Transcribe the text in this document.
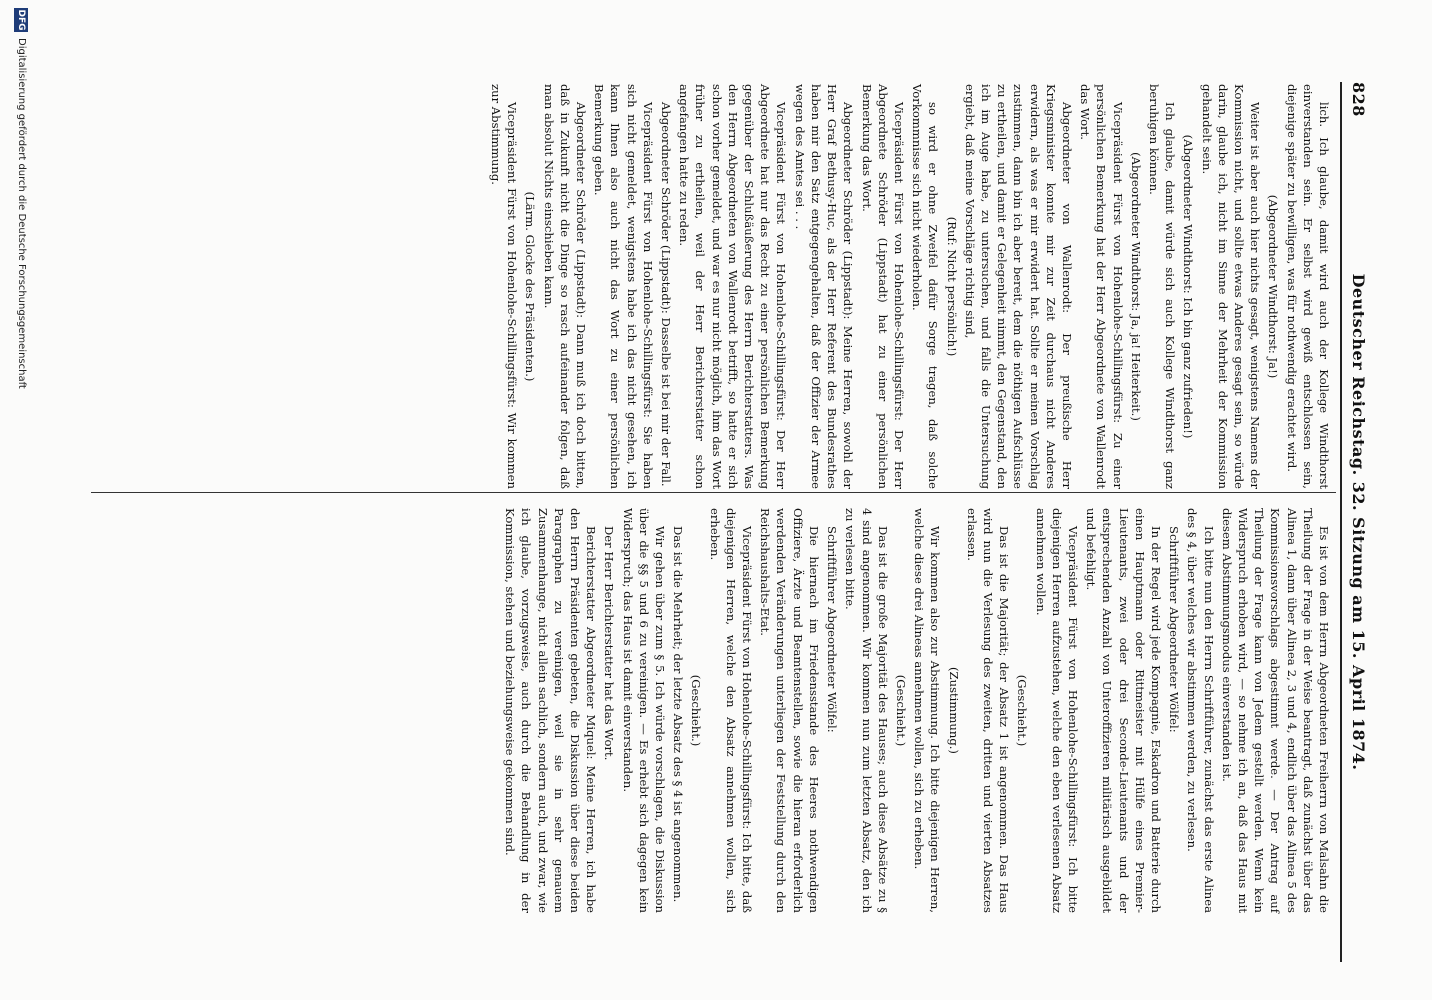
828
Deutscher Reichstag. 32. Sitzung am 15. April 1874.

lich. Ich glaube, damit wird auch der Kollege Windthorst einverstanden sein. Er selbst wird gewiß entschlossen sein, diejenige später zu bewilligen, was für nothwendig erachtet wird.

(Abgeordneter Windthorst: Ja!)

Weiter ist aber auch hier nichts gesagt, wenigstens Namens der Kommission nicht, und sollte etwas Anderes gesagt sein, so würde darin, glaube ich, nicht im Sinne der Mehrheit der Kommission gehandelt sein.

(Abgeordneter Windthorst: Ich bin ganz zufrieden!)

Ich glaube, damit würde sich auch Kollege Windthorst ganz beruhigen können.

(Abgeordneter Windthorst: Ja, ja! Heiterkeit.)

Vicepräsident Fürst von Hohenlohe-Schillingsfürst: Zu einer persönlichen Bemerkung hat der Herr Abgeordnete von Wallenrodt das Wort.

Abgeordneter von Wallenrodt: Der preußische Herr Kriegsminister konnte mir zur Zeit durchaus nicht Anderes erwidern, als was er mir erwidert hat. Sollte er meinen Vorschlag zustimmen, dann bin ich aber bereit, dem die nöthigen Aufschlüsse zu ertheilen, und damit er Gelegenheit nimmt, den Gegenstand, den ich im Auge habe, zu untersuchen, und falls die Untersuchung ergiebt, daß meine Vorschläge richtig sind,

(Ruf: Nicht persönlich!)

so wird er ohne Zweifel dafür Sorge tragen, daß solche Vorkommnisse sich nicht wiederholen.

Vicepräsident Fürst von Hohenlohe-Schillingsfürst: Der Herr Abgeordnete Schröder (Lippstadt) hat zu einer persönlichen Bemerkung das Wort.

Abgeordneter Schröder (Lippstadt): Meine Herren, sowohl der Herr Graf Bethusy-Huc, als der Herr Referent des Bundesrathes haben mir den Satz entgegengehalten, daß der Offizier der Armee wegen des Amtes sei . . .

Vicepräsident Fürst von Hohenlohe-Schillingsfürst: Der Herr Abgeordnete hat nur das Recht zu einer persönlichen Bemerkung gegenüber der Schlußäußerung des Herrn Berichterstatters. Was den Herrn Abgeordneten von Wallenrodt betrifft, so hatte er sich schon vorher gemeldet, und war es nur nicht möglich, ihm das Wort früher zu ertheilen, weil der Herr Berichterstatter schon angefangen hatte zu reden.

Abgeordneter Schröder (Lippstadt): Dasselbe ist bei mir der Fall.

Vicepräsident Fürst von Hohenlohe-Schillingsfürst: Sie haben sich nicht gemeldet, wenigstens habe ich das nicht gesehen, ich kann Ihnen also auch nicht das Wort zu einer persönlichen Bemerkung geben.

Abgeordneter Schröder (Lippstadt): Dann muß ich doch bitten, daß in Zukunft nicht die Dinge so rasch aufeinander folgen, daß man absolut Nichts einschieben kann.

(Lärm. Glocke des Präsidenten.)

Vicepräsident Fürst von Hohenlohe-Schillingsfürst: Wir kommen zur Abstimmung.

Es ist von dem Herrn Abgeordneten Freiherrn von Malsahn die Theilung der Frage in der Weise beantragt, daß zunächst über das Alinea 1, dann über Alinea 2, 3 und 4, endlich über das Alinea 5 des Kommissionsvorschlags abgestimmt werde. — Der Antrag auf Theilung der Frage kann von Jedem gestellt werden. Wenn kein Widerspruch erhoben wird, — so nehme ich an, daß das Haus mit diesem Abstimmungsmodus einverstanden ist.

Ich bitte nun den Herrn Schriftführer, zunächst das erste Alinea des § 4, über welches wir abstimmen werden, zu verlesen.

Schriftführer Abgeordneter Wölfel:

In der Regel wird jede Kompagnie, Eskadron und Batterie durch einen Hauptmann oder Rittmeister mit Hülfe eines Premier-Lieutenants, zwei oder drei Seconde-Lieutenants und der entsprechenden Anzahl von Unteroffizieren militärisch ausgebildet und befehligt.

Vicepräsident Fürst von Hohenlohe-Schillingsfürst: Ich bitte diejenigen Herren aufzustehen, welche den eben verlesenen Absatz annehmen wollen.

(Geschieht.)

Das ist die Majorität; der Absatz 1 ist angenommen. Das Haus wird nun die Verlesung des zweiten, dritten und vierten Absatzes erlassen.

(Zustimmung.)

Wir kommen also zur Abstimmung. Ich bitte diejenigen Herren, welche diese drei Alineas annehmen wollen, sich zu erheben.

(Geschieht.)

Das ist die große Majorität des Hauses; auch diese Absätze zu § 4 sind angenommen. Wir kommen nun zum letzten Absatz, den ich zu verlesen bitte.

Schriftführer Abgeordneter Wölfel:

Die hiernach im Friedensstande des Heeres nothwendigen Offiziere, Ärzte und Beamtenstellen, sowie die hieran erforderlich werdenden Veränderungen unterliegen der Feststellung durch den Reichshaushalts-Etat.

Vicepräsident Fürst von Hohenlohe-Schillingsfürst: Ich bitte, daß diejenigen Herren, welche den Absatz annehmen wollen, sich erheben.

(Geschieht.)

Das ist die Mehrheit; der letzte Absatz des § 4 ist angenommen.

Wir gehen über zum § 5. Ich würde vorschlagen, die Diskussion über die §§ 5 und 6 zu vereinigen. — Es erhebt sich dagegen kein Widerspruch; das Haus ist damit einverstanden.

Der Herr Berichterstatter hat das Wort.

Berichterstatter Abgeordneter Miquel: Meine Herren, ich habe den Herrn Präsidenten gebeten, die Diskussion über diese beiden Paragraphen zu vereinigen, weil sie in sehr genauem Zusammenhange, nicht allein sachlich, sondern auch, und zwar, wie ich glaube, vorzugsweise, auch durch die Behandlung in der Kommission, stehen und beziehungsweise gekommen sind.

DFG
Digitalisierung gefördert durch die Deutsche Forschungsgemeinschaft
